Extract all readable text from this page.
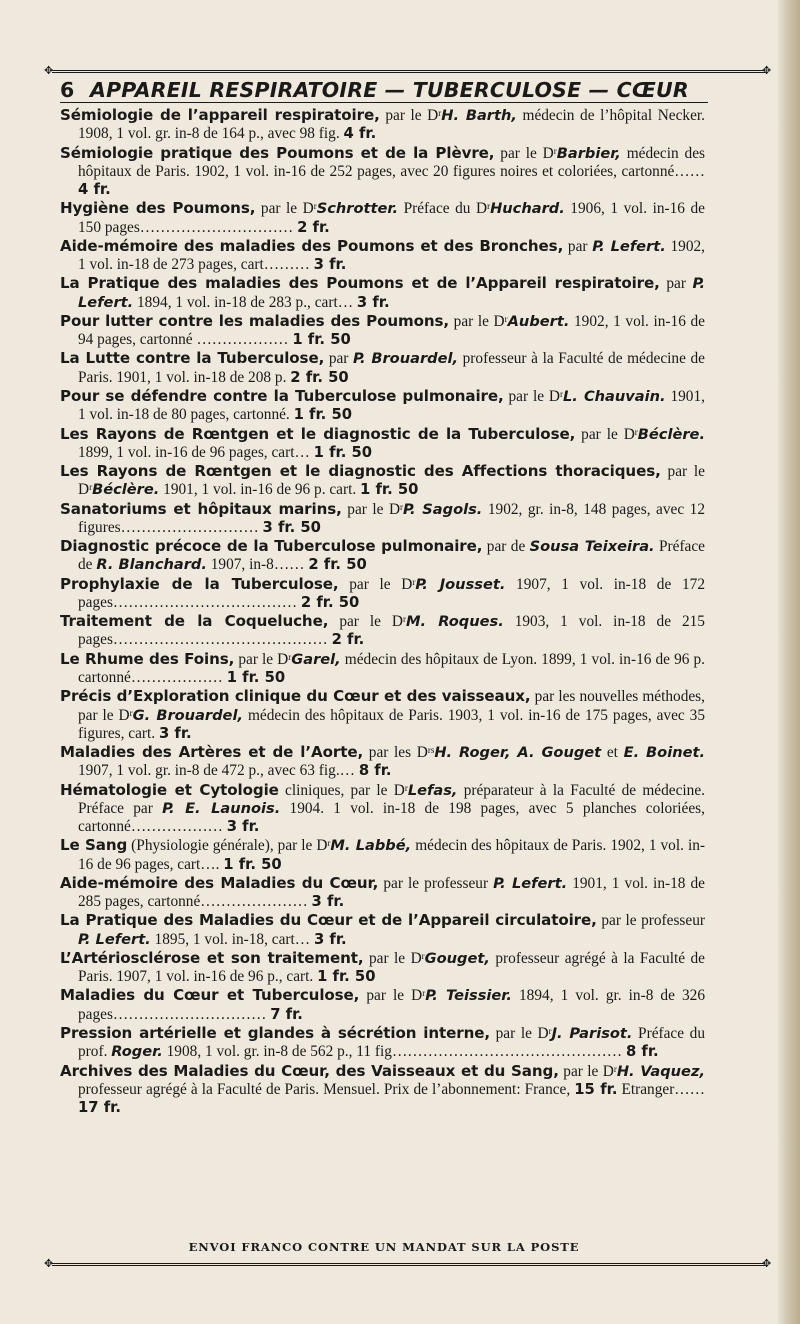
✥	✥
6 APPAREIL RESPIRATOIRE — TUBERCULOSE — CŒUR

Sémiologie de l’appareil respiratoire, par le $D^rH$. Barth, médecin de l’hôpital Necker. 1908, 1 vol. gr. in-8 de 164 p., avec 98 fig. 4 fr.

Sémiologie pratique des Poumons et de la Plèvre, par le $D^rBarbier$, médecin des hôpitaux de Paris. 1902, 1 vol. in-16 de 252 pages, avec 20 figures noires et coloriées, cartonné…… 4 fr.

Hygiène des Poumons, par le $D^rSchrotter$. Préface du $D^rHuchard$. 1906, 1 vol. in-16 de 150 pages………………………… 2 fr.

Aide-mémoire des maladies des Poumons et des Bronches, par P. Lefert. 1902, 1 vol. in-18 de 273 pages, cart……… 3 fr.

La Pratique des maladies des Poumons et de l’Appareil respiratoire, par P. Lefert. 1894, 1 vol. in-18 de 283 p., cart… 3 fr.

Pour lutter contre les maladies des Poumons, par le $D^rAubert$. 1902, 1 vol. in-16 de 94 pages, cartonné ……………… 1 fr. 50

La Lutte contre la Tuberculose, par P. Brouardel, professeur à la Faculté de médecine de Paris. 1901, 1 vol. in-18 de 208 p. 2 fr. 50

Pour se défendre contre la Tuberculose pulmonaire, par le $D^rL$. Chauvain. 1901, 1 vol. in-18 de 80 pages, cartonné. 1 fr. 50

Les Rayons de Rœntgen et le diagnostic de la Tuberculose, par le $D^rBéclère$. 1899, 1 vol. in-16 de 96 pages, cart… 1 fr. 50

Les Rayons de Rœntgen et le diagnostic des Affections thoraciques, par le $D^rBéclère$. 1901, 1 vol. in-16 de 96 p. cart. 1 fr. 50

Sanatoriums et hôpitaux marins, par le $D^rP$. Sagols. 1902, gr. in-8, 148 pages, avec 12 figures……………………… 3 fr. 50

Diagnostic précoce de la Tuberculose pulmonaire, par de Sousa Teixeira. Préface de R. Blanchard. 1907, in-8…… 2 fr. 50

Prophylaxie de la Tuberculose, par le $D^rP$. Jousset. 1907, 1 vol. in-18 de 172 pages……………………………… 2 fr. 50

Traitement de la Coqueluche, par le $D^rM$. Roques. 1903, 1 vol. in-18 de 215 pages…………………………………… 2 fr.

Le Rhume des Foins, par le $D^rGarel$, médecin des hôpitaux de Lyon. 1899, 1 vol. in-16 de 96 p. cartonné……………… 1 fr. 50

Précis d’Exploration clinique du Cœur et des vaisseaux, par les nouvelles méthodes, par le $D^rG$. Brouardel, médecin des hôpitaux de Paris. 1903, 1 vol. in-16 de 175 pages, avec 35 figures, cart. 3 fr.

Maladies des Artères et de l’Aorte, par les $D^{rs}H$. Roger, A. Gouget et E. Boinet. 1907, 1 vol. gr. in-8 de 472 p., avec 63 fig.… 8 fr.

Hématologie et Cytologie cliniques, par le $D^rLefas$, préparateur à la Faculté de médecine. Préface par P. E. Launois. 1904. 1 vol. in-18 de 198 pages, avec 5 planches coloriées, cartonné……………… 3 fr.

Le Sang (Physiologie générale), par le $D^rM$. Labbé, médecin des hôpitaux de Paris. 1902, 1 vol. in-16 de 96 pages, cart…. 1 fr. 50

Aide-mémoire des Maladies du Cœur, par le professeur P. Lefert. 1901, 1 vol. in-18 de 285 pages, cartonné………………… 3 fr.

La Pratique des Maladies du Cœur et de l’Appareil circulatoire, par le professeur P. Lefert. 1895, 1 vol. in-18, cart… 3 fr.

L’Artériosclérose et son traitement, par le $D^rGouget$, professeur agrégé à la Faculté de Paris. 1907, 1 vol. in-16 de 96 p., cart. 1 fr. 50

Maladies du Cœur et Tuberculose, par le $D^rP$. Teissier. 1894, 1 vol. gr. in-8 de 326 pages………………………… 7 fr.

Pression artérielle et glandes à sécrétion interne, par le $D^rJ$. Parisot. Préface du prof. Roger. 1908, 1 vol. gr. in-8 de 562 p., 11 fig……………………………………… 8 fr.

Archives des Maladies du Cœur, des Vaisseaux et du Sang, par le $D^rH$. Vaquez, professeur agrégé à la Faculté de Paris. Mensuel. Prix de l’abonnement: France, 15 fr. Etranger…… 17 fr.

ENVOI FRANCO CONTRE UN MANDAT SUR LA POSTE
✥	✥
